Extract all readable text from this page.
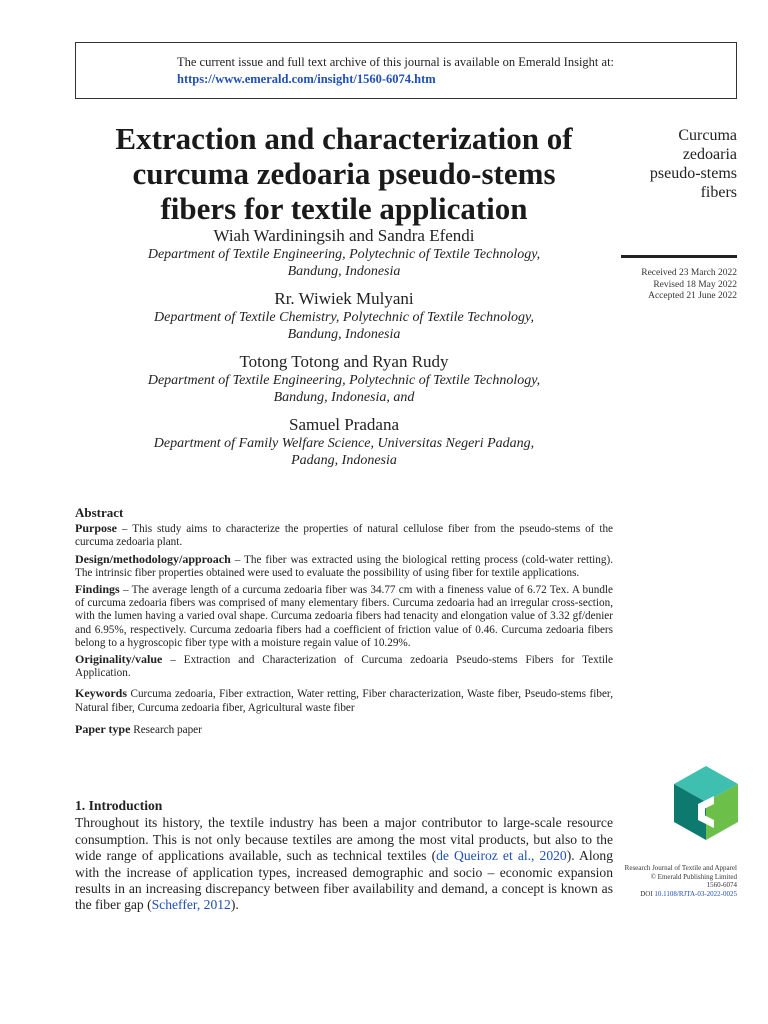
The current issue and full text archive of this journal is available on Emerald Insight at:
https://www.emerald.com/insight/1560-6074.htm
Extraction and characterization of
curcuma zedoaria pseudo-stems
fibers for textile application
Curcuma
zedoaria
pseudo-stems
fibers
Received 23 March 2022
Revised 18 May 2022
Accepted 21 June 2022
Wiah Wardiningsih and Sandra Efendi
Department of Textile Engineering, Polytechnic of Textile Technology,
Bandung, Indonesia
Rr. Wiwiek Mulyani
Department of Textile Chemistry, Polytechnic of Textile Technology,
Bandung, Indonesia
Totong Totong and Ryan Rudy
Department of Textile Engineering, Polytechnic of Textile Technology,
Bandung, Indonesia, and
Samuel Pradana
Department of Family Welfare Science, Universitas Negeri Padang,
Padang, Indonesia
Abstract
Purpose – This study aims to characterize the properties of natural cellulose fiber from the pseudo-stems of the curcuma zedoaria plant.
Design/methodology/approach – The fiber was extracted using the biological retting process (cold-water retting). The intrinsic fiber properties obtained were used to evaluate the possibility of using fiber for textile applications.
Findings – The average length of a curcuma zedoaria fiber was 34.77 cm with a fineness value of 6.72 Tex. A bundle of curcuma zedoaria fibers was comprised of many elementary fibers. Curcuma zedoaria had an irregular cross-section, with the lumen having a varied oval shape. Curcuma zedoaria fibers had tenacity and elongation value of 3.32 gf/denier and 6.95%, respectively. Curcuma zedoaria fibers had a coefficient of friction value of 0.46. Curcuma zedoaria fibers belong to a hygroscopic fiber type with a moisture regain value of 10.29%.
Originality/value – Extraction and Characterization of Curcuma zedoaria Pseudo-stems Fibers for Textile Application.
Keywords Curcuma zedoaria, Fiber extraction, Water retting, Fiber characterization, Waste fiber, Pseudo-stems fiber, Natural fiber, Curcuma zedoaria fiber, Agricultural waste fiber
Paper type Research paper
1. Introduction
Throughout its history, the textile industry has been a major contributor to large-scale resource consumption. This is not only because textiles are among the most vital products, but also to the wide range of applications available, such as technical textiles (de Queiroz et al., 2020). Along with the increase of application types, increased demographic and socio – economic expansion results in an increasing discrepancy between fiber availability and demand, a concept is known as the fiber gap (Scheffer, 2012).
Research Journal of Textile and Apparel
© Emerald Publishing Limited
1560-6074
DOI 10.1108/RJTA-03-2022-0025
